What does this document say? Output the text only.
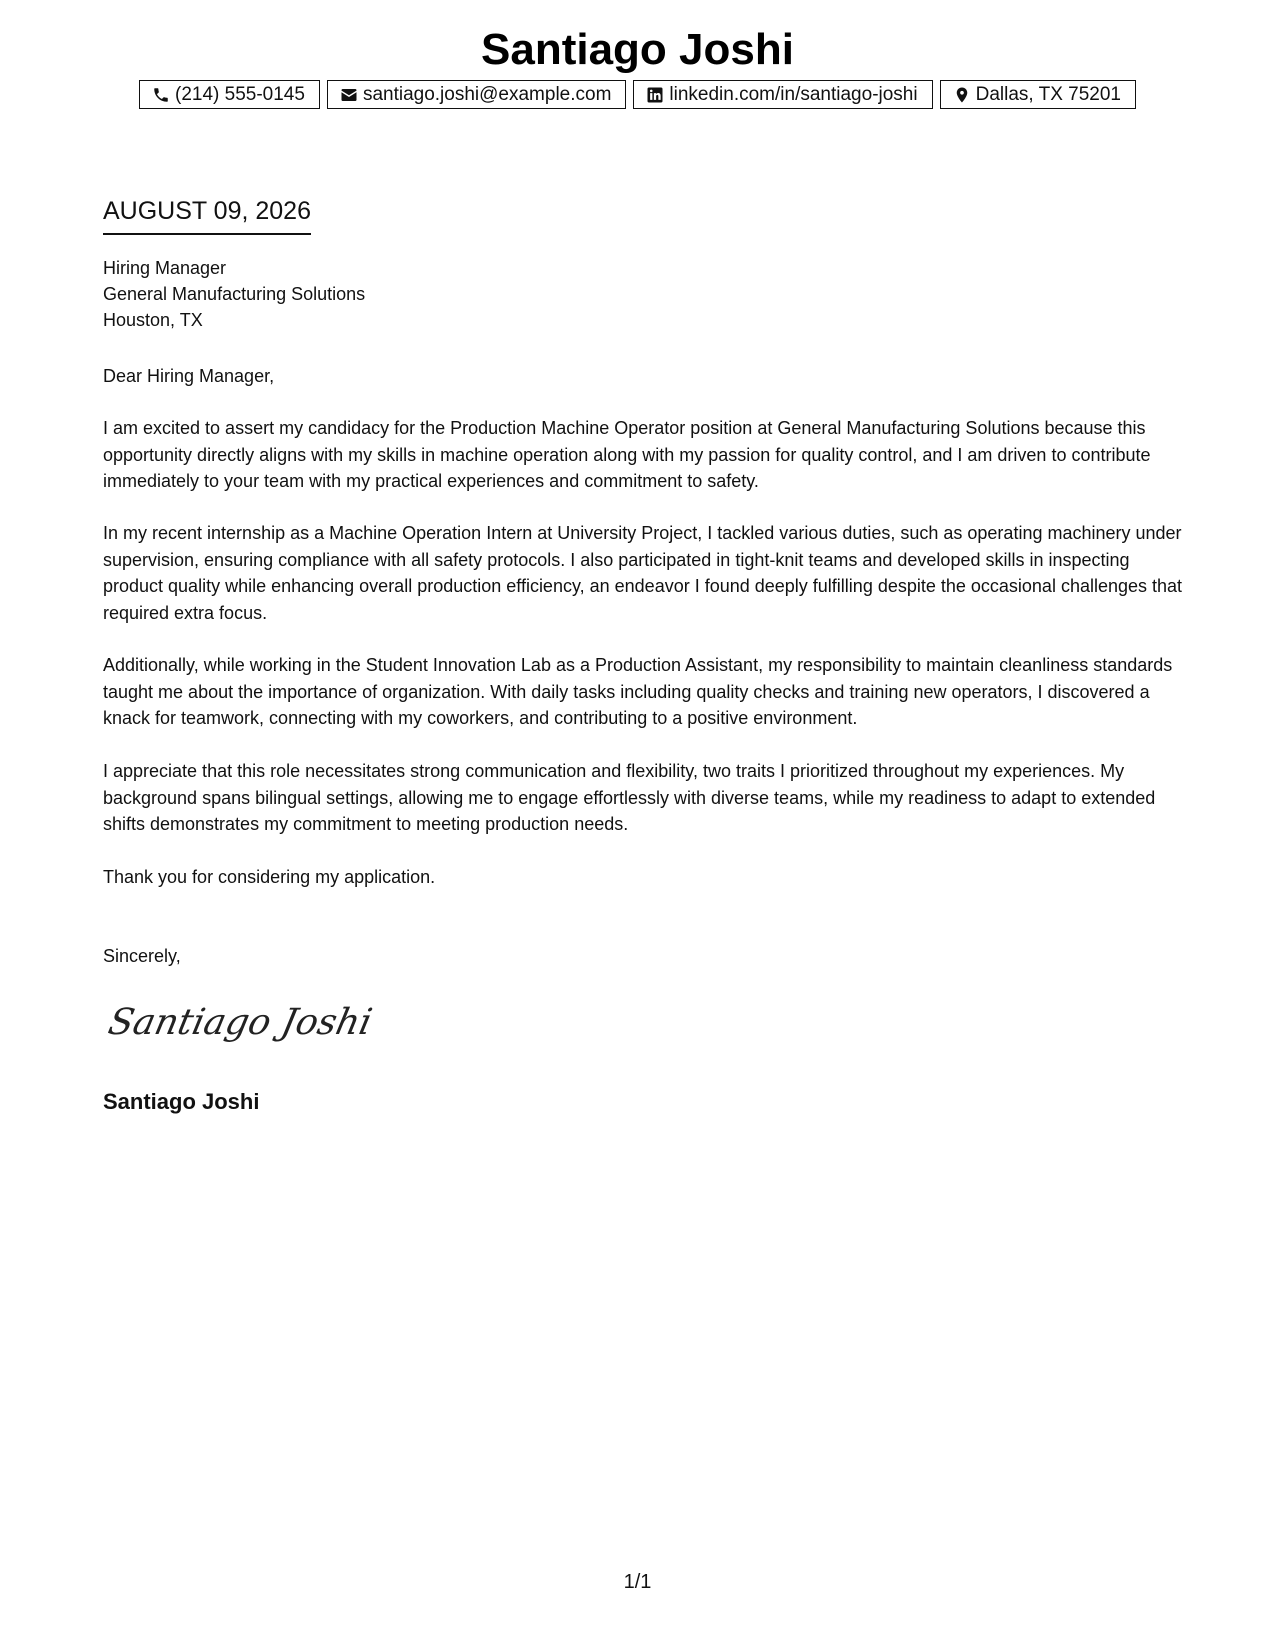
Santiago Joshi
(214) 555-0145	santiago.joshi@example.com	linkedin.com/in/santiago-joshi	Dallas, TX 75201
AUGUST 09, 2026
Hiring Manager
General Manufacturing Solutions
Houston, TX
Dear Hiring Manager,

I am excited to assert my candidacy for the Production Machine Operator position at General Manufacturing Solutions because this opportunity directly aligns with my skills in machine operation along with my passion for quality control, and I am driven to contribute immediately to your team with my practical experiences and commitment to safety.

In my recent internship as a Machine Operation Intern at University Project, I tackled various duties, such as operating machinery under supervision, ensuring compliance with all safety protocols. I also participated in tight-knit teams and developed skills in inspecting product quality while enhancing overall production efficiency, an endeavor I found deeply fulfilling despite the occasional challenges that required extra focus.

Additionally, while working in the Student Innovation Lab as a Production Assistant, my responsibility to maintain cleanliness standards taught me about the importance of organization. With daily tasks including quality checks and training new operators, I discovered a knack for teamwork, connecting with my coworkers, and contributing to a positive environment.

I appreciate that this role necessitates strong communication and flexibility, two traits I prioritized throughout my experiences. My background spans bilingual settings, allowing me to engage effortlessly with diverse teams, while my readiness to adapt to extended shifts demonstrates my commitment to meeting production needs.

Thank you for considering my application.

Sincerely,
Santiago Joshi
Santiago Joshi
1/1
